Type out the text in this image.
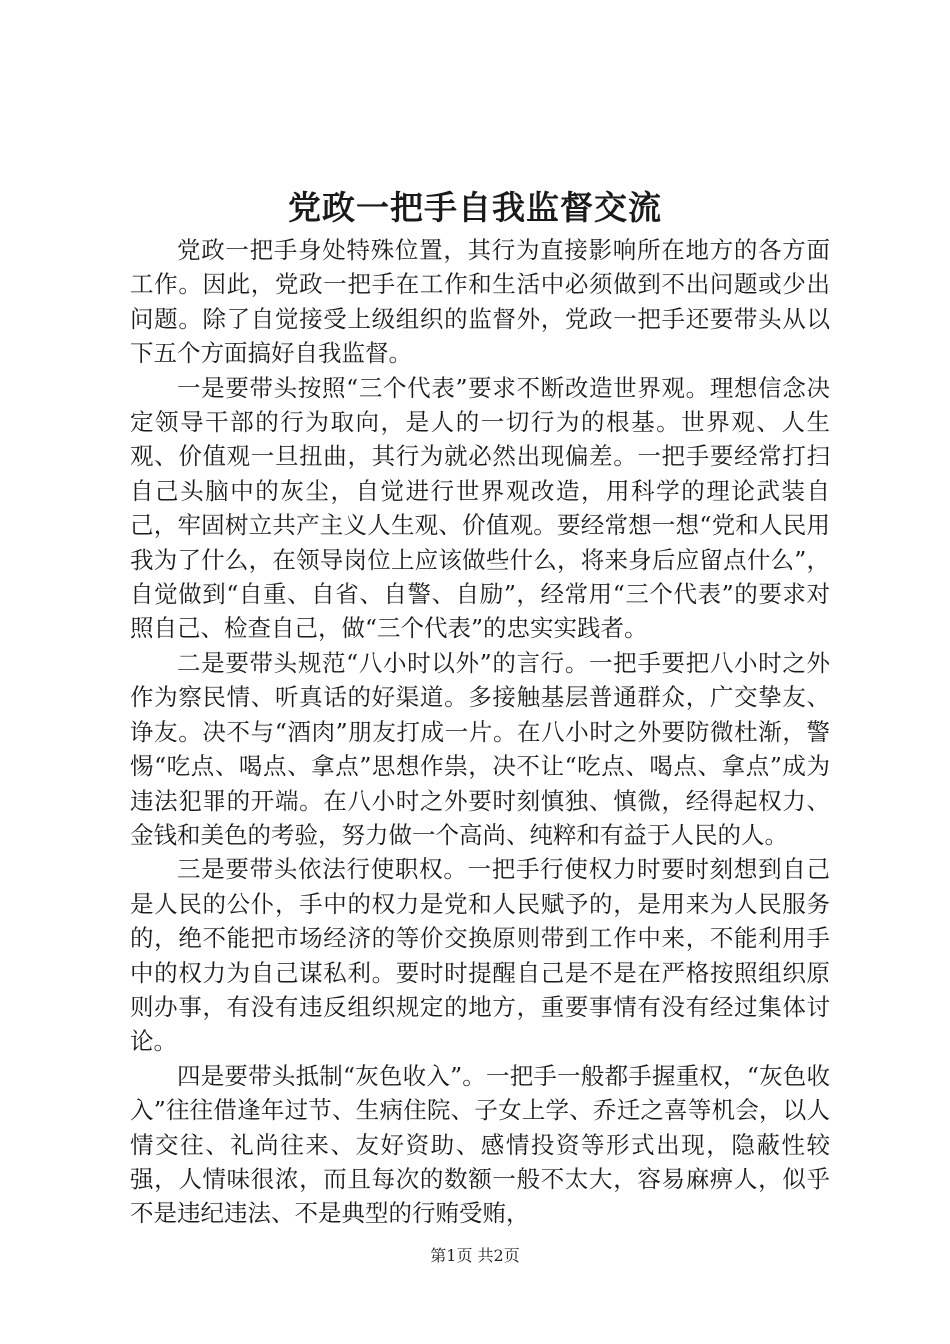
党政一把手自我监督交流

党政一把手身处特殊位置，其行为直接影响所在地方的各方面工作。因此，党政一把手在工作和生活中必须做到不出问题或少出问题。除了自觉接受上级组织的监督外，党政一把手还要带头从以下五个方面搞好自我监督。

一是要带头按照“三个代表”要求不断改造世界观。理想信念决定领导干部的行为取向，是人的一切行为的根基。世界观、人生观、价值观一旦扭曲，其行为就必然出现偏差。一把手要经常打扫自己头脑中的灰尘，自觉进行世界观改造，用科学的理论武装自己，牢固树立共产主义人生观、价值观。要经常想一想“党和人民用我为了什么，在领导岗位上应该做些什么，将来身后应留点什么”，自觉做到“自重、自省、自警、自励”，经常用“三个代表”的要求对照自己、检查自己，做“三个代表”的忠实实践者。

二是要带头规范“八小时以外”的言行。一把手要把八小时之外作为察民情、听真话的好渠道。多接触基层普通群众，广交挚友、诤友。决不与“酒肉”朋友打成一片。在八小时之外要防微杜渐，警惕“吃点、喝点、拿点”思想作祟，决不让“吃点、喝点、拿点”成为违法犯罪的开端。在八小时之外要时刻慎独、慎微，经得起权力、金钱和美色的考验，努力做一个高尚、纯粹和有益于人民的人。

三是要带头依法行使职权。一把手行使权力时要时刻想到自己是人民的公仆，手中的权力是党和人民赋予的，是用来为人民服务的，绝不能把市场经济的等价交换原则带到工作中来，不能利用手中的权力为自己谋私利。要时时提醒自己是不是在严格按照组织原则办事，有没有违反组织规定的地方，重要事情有没有经过集体讨论。

四是要带头抵制“灰色收入”。一把手一般都手握重权，“灰色收入”往往借逢年过节、生病住院、子女上学、乔迁之喜等机会，以人情交往、礼尚往来、友好资助、感情投资等形式出现，隐蔽性较强，人情味很浓，而且每次的数额一般不太大，容易麻痹人，似乎不是违纪违法、不是典型的行贿受贿，

第1页 共2页
